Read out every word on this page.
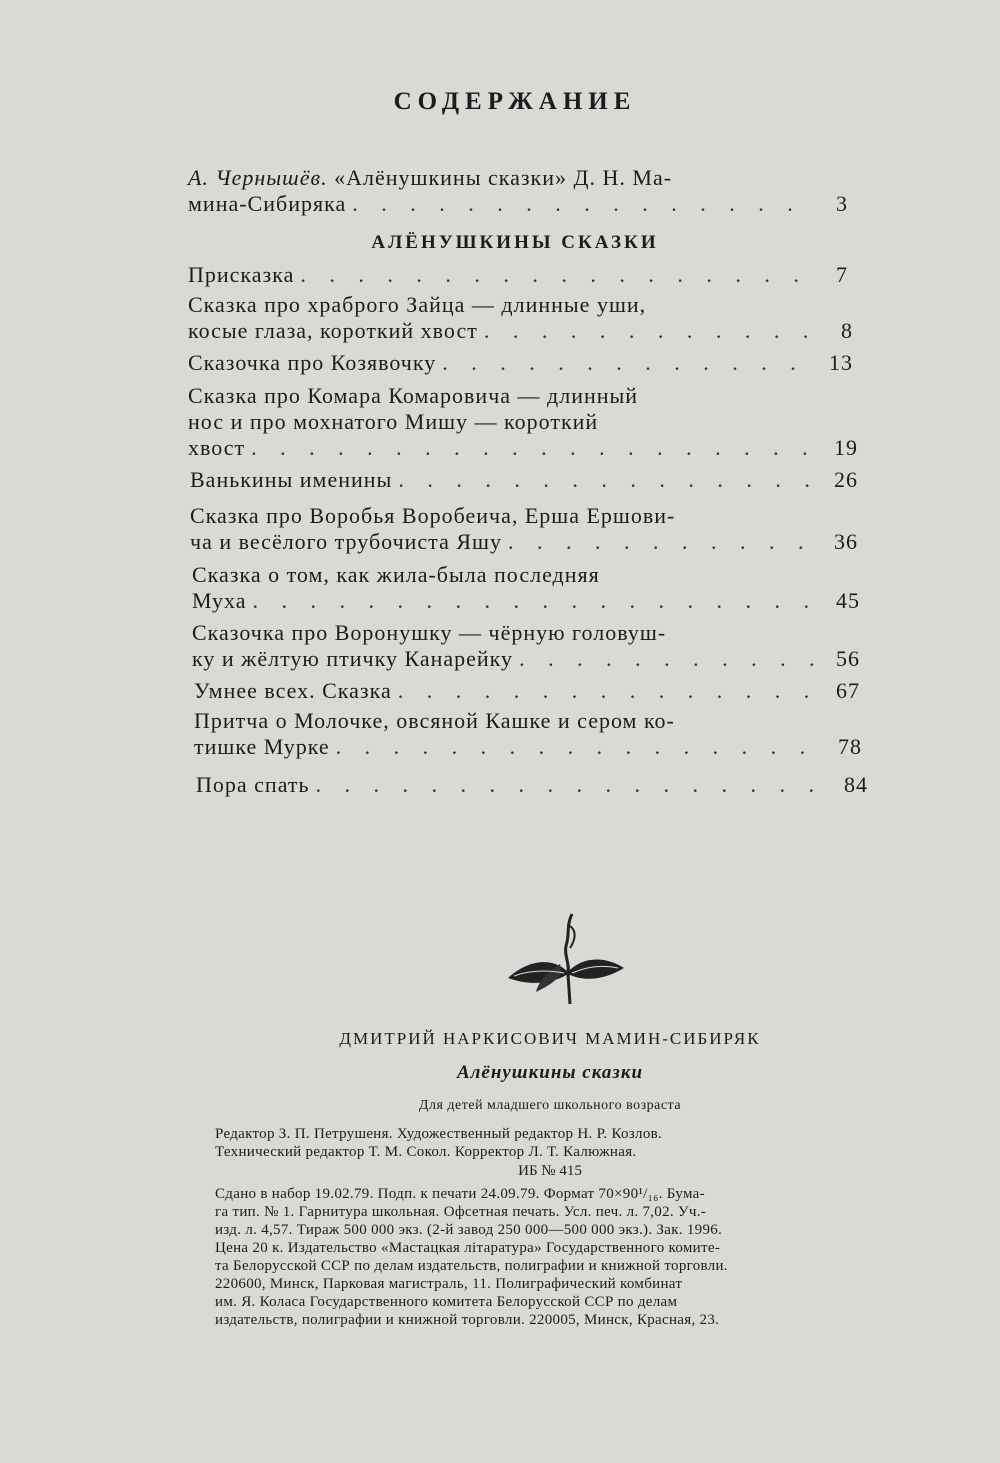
СОДЕРЖАНИЕ
А. Чернышёв.
«Алёнушкины сказки» Д. Н. Ма-
мина-Сибиряка . . .	3
АЛЁНУШКИНЫ СКАЗКИ
Присказка . . .	7
Сказка про храброго Зайца — длинные уши,
косые глаза, короткий хвост . . .	8
Сказочка про Козявочку . . .	13
Сказка про Комара Комаровича — длинный
нос и про мохнатого Мишу — короткий
хвост . . .	19
Ванькины именины . . .	26
Сказка про Воробья Воробеича, Ерша Ершови-
ча и весёлого трубочиста Яшу . . .	36
Сказка о том, как жила-была последняя
Муха . . .	45
Сказочка про Воронушку — чёрную головуш-
ку и жёлтую птичку Канарейку . . .	56
Умнее всех. Сказка . . .	67
Притча о Молочке, овсяной Кашке и сером ко-
тишке Мурке . . .	78
Пора спать . . .	84
ДМИТРИЙ НАРКИСОВИЧ МАМИН-СИБИРЯК
Алёнушкины сказки
Для детей младшего школьного возраста
Редактор З. П. Петрушеня. Художественный редактор Н. Р. Козлов.
Технический редактор Т. М. Сокол. Корректор Л. Т. Калюжная.
ИБ № 415
Сдано в набор 19.02.79. Подп. к печати 24.09.79. Формат 70×90¹/₁₆. Бума-
га тип. № 1. Гарнитура школьная. Офсетная печать. Усл. печ. л. 7,02. Уч.-
изд. л. 4,57. Тираж 500 000 экз. (2-й завод 250 000—500 000 экз.). Зак. 1996.
Цена 20 к. Издательство «Мастацкая лiтаратура» Государственного комите-
та Белорусской ССР по делам издательств, полиграфии и книжной торговли.
220600, Минск, Парковая магистраль, 11. Полиграфический комбинат
им. Я. Коласа Государственного комитета Белорусской ССР по делам
издательств, полиграфии и книжной торговли. 220005, Минск, Красная, 23.
